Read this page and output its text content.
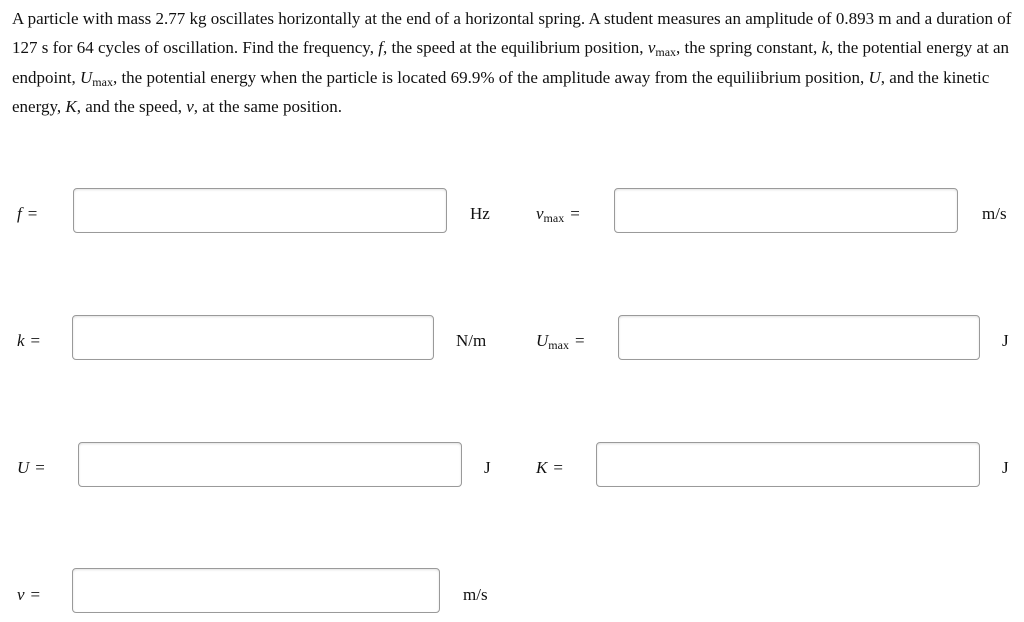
A particle with mass 2.77 kg oscillates horizontally at the end of a horizontal spring. A student measures an amplitude of 0.893 m and a duration of 127 s for 64 cycles of oscillation. Find the frequency, f, the speed at the equilibrium position, $v_{max}$, the spring constant, k, the potential energy at an endpoint, $U_{max}$, the potential energy when the particle is located 69.9% of the amplitude away from the equiliibrium position, U, and the kinetic energy, K, and the speed, v, at the same position.

f =	Hz	$v_{max}$ =	m/s
k =	N/m	$U_{max}$ =	J
U =	J	K =	J
v =	m/s
